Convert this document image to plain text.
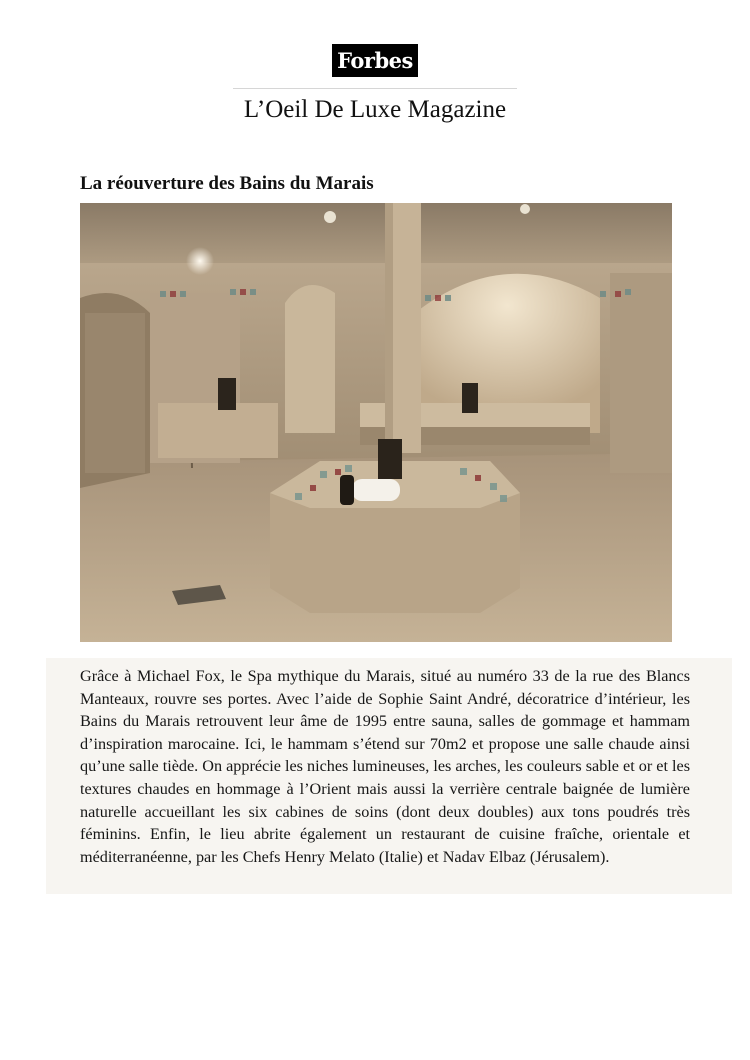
Forbes
L’Oeil De Luxe Magazine
La réouverture des Bains du Marais

Grâce à Michael Fox, le Spa mythique du Marais, situé au numéro 33 de la rue des Blancs Manteaux, rouvre ses portes. Avec l’aide de Sophie Saint André, décoratrice d’intérieur, les Bains du Marais retrouvent leur âme de 1995 entre sauna, salles de gommage et hammam d’inspiration marocaine. Ici, le hammam s’étend sur 70m2 et propose une salle chaude ainsi qu’une salle tiède. On apprécie les niches lumineuses, les arches, les couleurs sable et or et les textures chaudes en hommage à l’Orient mais aussi la verrière centrale baignée de lumière naturelle accueillant les six cabines de soins (dont deux doubles) aux tons poudrés très féminins. Enfin, le lieu abrite également un restaurant de cuisine fraîche, orientale et méditerranéenne, par les Chefs Henry Melato (Italie) et Nadav Elbaz (Jérusalem).
